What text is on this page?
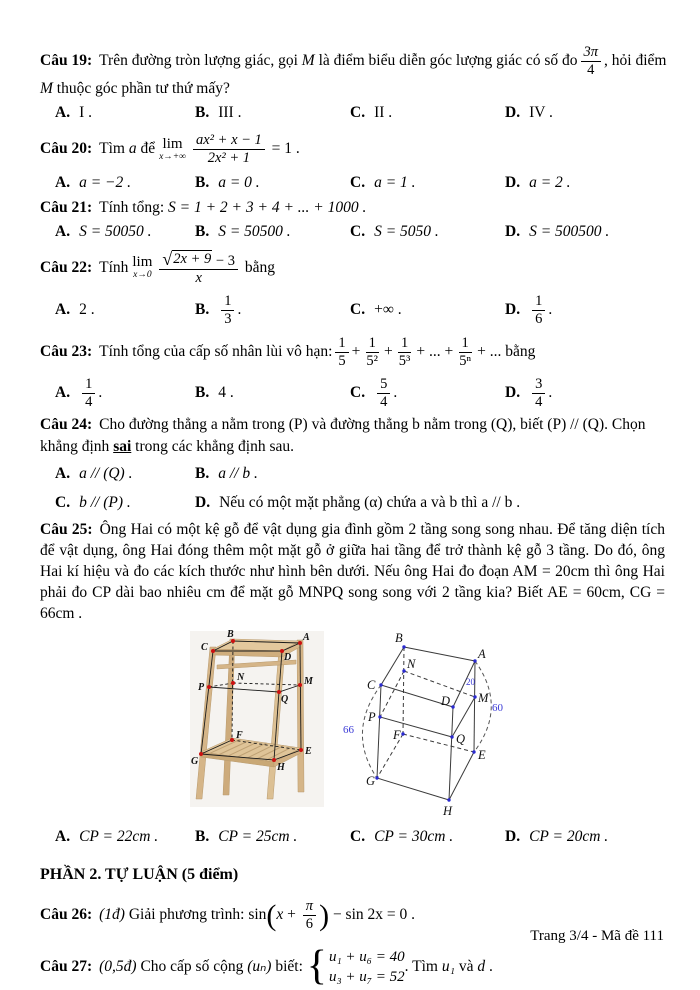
Câu 19: Trên đường tròn lượng giác, gọi M là điểm biểu diễn góc lượng giác có số đo $\frac{3\pi}{4}$ , hỏi điểm
M thuộc góc phần tư thứ mấy?
A. I .	B. III .	C. II .	D. IV .
Câu 20: Tìm a để lim
$x\to+\infty \frac{\text{ax² + x − 1}}{\text{2x² + 1}} = 1$ .
A. a = −2 .	B. a = 0 .	C. a = 1 .	D. a = 2 .
Câu 21: Tính tổng: S = 1 + 2 + 3 + 4 + ... + 1000 .
A. S = 50050 .	B. S = 50500 .	C. S = 5050 .	D. S = 500500 .
Câu 22: Tính lim
$x\to 0 \frac{√ 2x + 9 - 3}{x}$ bằng
A. 2 .	B. $\frac{1}{3}$ .	C. +∞ .	D. $\frac{1}{6}$ .
Câu 23: Tính tổng của cấp số nhân lùi vô hạn: $\frac{1}{5} + \frac{1}{\text{5²}} + \frac{1}{\text{5³}}$ + ... + $\frac{1}{\text{5ⁿ}}$ + ... bằng
A. $\frac{1}{4}$ .	B. 4 .	C. $\frac{5}{4}$ .	D. $\frac{3}{4}$ .
Câu 24: Cho đường thẳng a nằm trong (P) và đường thẳng b nằm trong (Q), biết (P) // (Q). Chọn
khẳng định sai trong các khẳng định sau.
A. a // (Q) .	B. a // b .
C. b // (P) .	D. Nếu có một mặt phẳng (α) chứa a và b thì a // b .

Câu 25: Ông Hai có một kệ gỗ để vật dụng gia đình gồm 2 tầng song song nhau. Để tăng diện tích để vật dụng, ông Hai đóng thêm một mặt gỗ ở giữa hai tầng để trở thành kệ gỗ 3 tầng. Do đó, ông Hai kí hiệu và đo các kích thước như hình bên dưới. Nếu ông Hai đo đoạn AM = 20cm thì ông Hai phải đo CP dài bao nhiêu cm để mặt gỗ MNPQ song song với 2 tầng kia? Biết AE = 60cm, CG = 66cm .

B	A
C
D
N
P
M
Q
F
G
E
H
B
A
N
C
D M
P
F	Q
E
G
H
20
60
66
A. CP = 22cm . B. CP = 25cm .	C. CP = 30cm .	D. CP = 20cm .
PHẦN 2. TỰ LUẬN (5 điểm)
Câu 26: (1đ) Giải phương trình: sin ( $x + \frac{\pi}{6}$ ) − sin 2x = 0 .
Câu 27: (0,5đ) Cho cấp số cộng (uₙ) biết: { u₁ + u₆ = 40
u₃ + u₇ = 52
. Tìm u₁ và d .
Trang 3/4 - Mã đề 111
